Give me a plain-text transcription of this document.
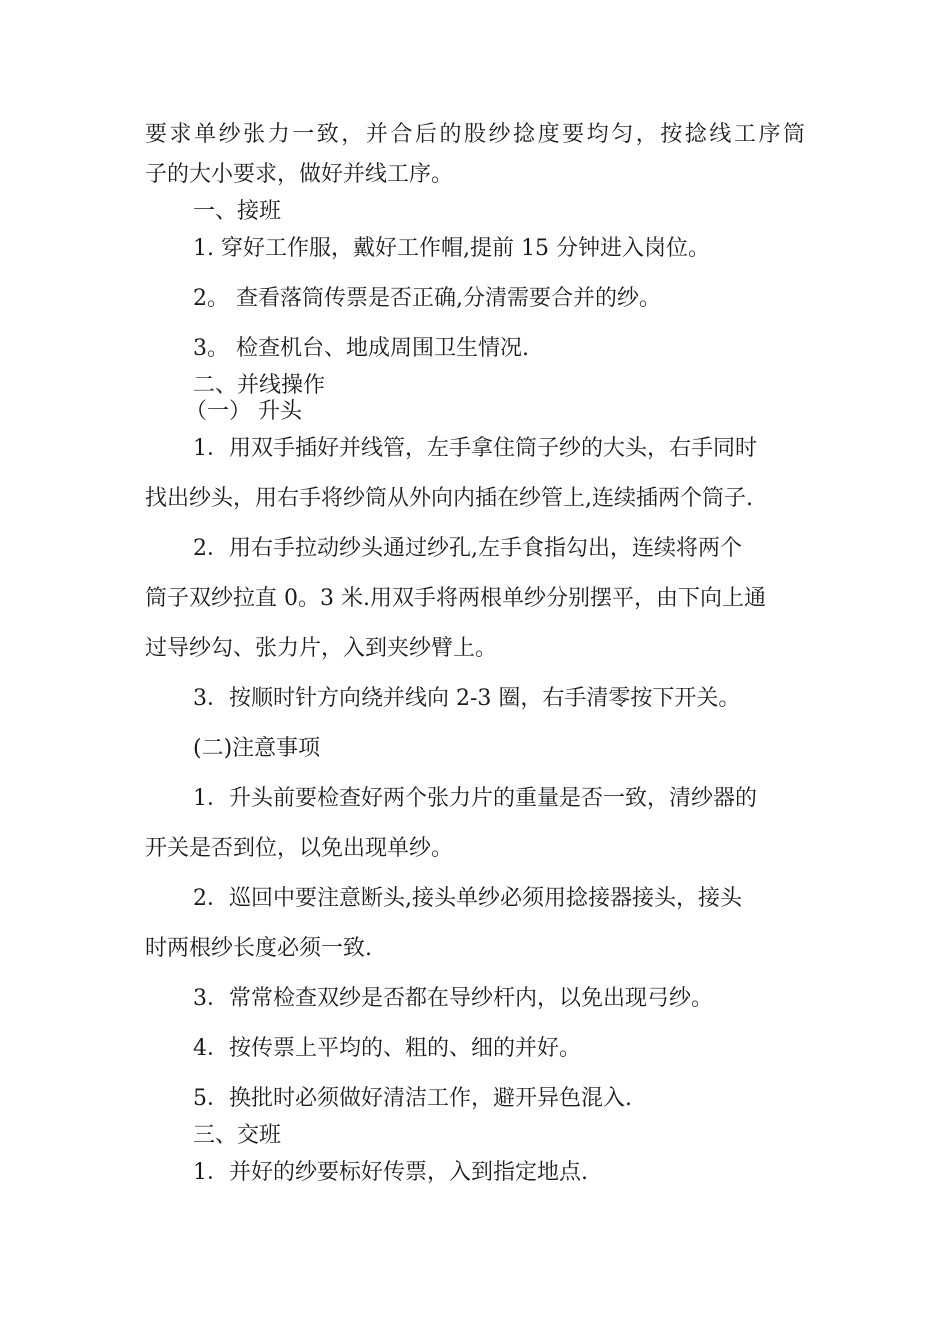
要求单纱张力一致，并合后的股纱捻度要均匀，按捻线工序筒
子的大小要求，做好并线工序。
一、接班
1. 穿好工作服，戴好工作帽,提前 15 分钟进入岗位。
2。 查看落筒传票是否正确,分清需要合并的纱。
3。 检查机台、地成周围卫生情况.
二、并线操作
（一） 升头
1．用双手插好并线管，左手拿住筒子纱的大头，右手同时
找出纱头，用右手将纱筒从外向内插在纱管上,连续插两个筒子.
2．用右手拉动纱头通过纱孔,左手食指勾出，连续将两个
筒子双纱拉直 0。3 米.用双手将两根单纱分别摆平，由下向上通
过导纱勾、张力片，入到夹纱臂上。
3．按顺时针方向绕并线向 2-3 圈，右手清零按下开关。
(二)注意事项
1．升头前要检查好两个张力片的重量是否一致，清纱器的
开关是否到位，以免出现单纱。
2．巡回中要注意断头,接头单纱必须用捻接器接头，接头
时两根纱长度必须一致.
3．常常检查双纱是否都在导纱杆内，以免出现弓纱。
4．按传票上平均的、粗的、细的并好。
5．换批时必须做好清洁工作，避开异色混入.
三、交班
1．并好的纱要标好传票，入到指定地点.
